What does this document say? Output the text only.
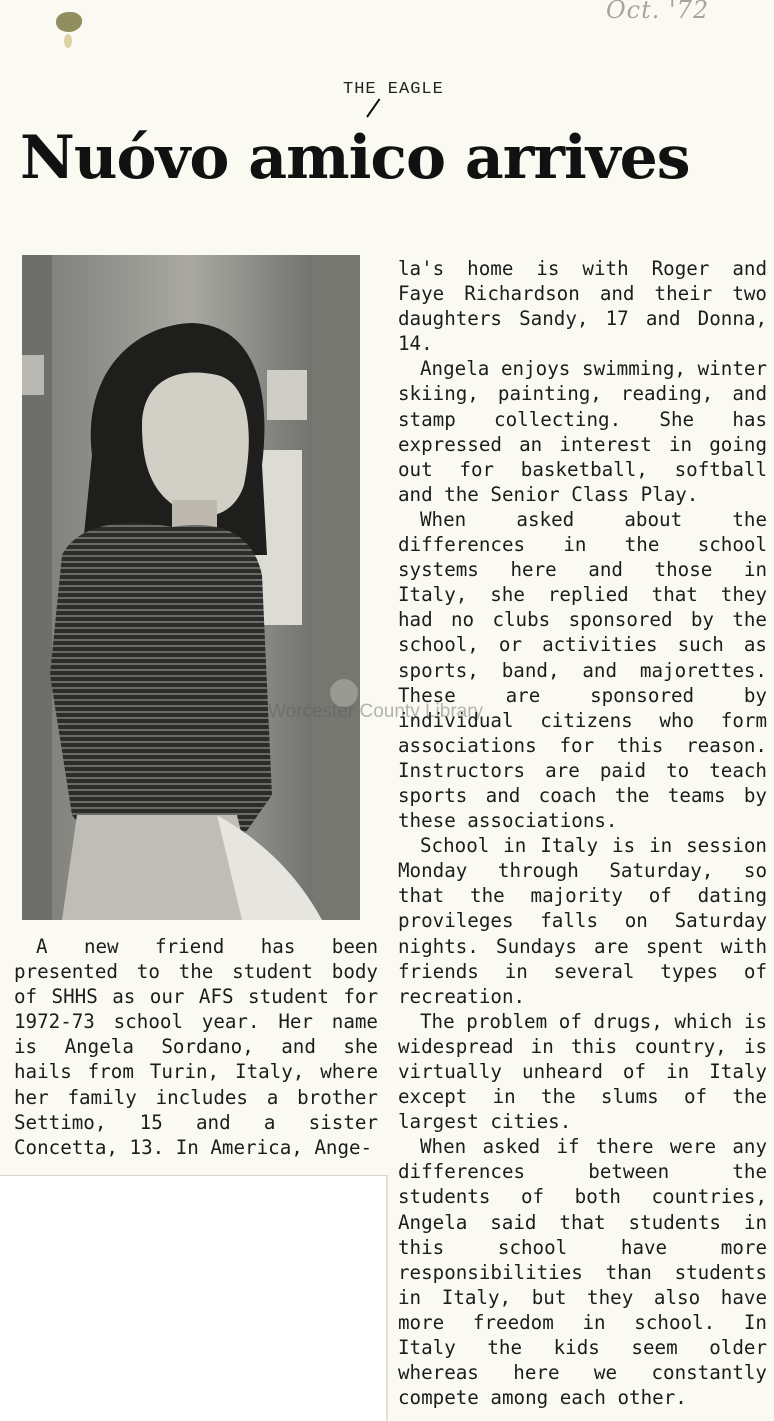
Oct. '72
THE EAGLE
Nuóvo amico arrives
Worcester County Library

A new friend has been presented to the student body of SHHS as our AFS student for 1972-73 school year. Her name is Angela Sordano, and she hails from Turin, Italy, where her family includes a brother Settimo, 15 and a sister Concetta, 13. In America, Ange-

la's home is with Roger and Faye Richardson and their two daughters Sandy, 17 and Donna, 14.

Angela enjoys swimming, winter skiing, painting, reading, and stamp collecting. She has expressed an interest in going out for basketball, softball and the Senior Class Play.

When asked about the differences in the school systems here and those in Italy, she replied that they had no clubs sponsored by the school, or activities such as sports, band, and majorettes. These are sponsored by individual citizens who form associations for this reason. Instructors are paid to teach sports and coach the teams by these associations.

School in Italy is in session Monday through Saturday, so that the majority of dating provileges falls on Saturday nights. Sundays are spent with friends in several types of recreation.

The problem of drugs, which is widespread in this country, is virtually unheard of in Italy except in the slums of the largest cities.

When asked if there were any differences between the students of both countries, Angela said that students in this school have more responsibilities than students in Italy, but they also have more freedom in school. In Italy the kids seem older whereas here we constantly compete among each other.
